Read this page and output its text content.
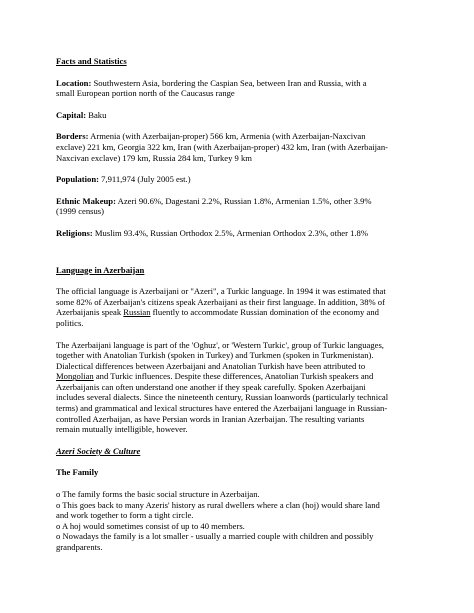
Facts and Statistics
Location: Southwestern Asia, bordering the Caspian Sea, between Iran and Russia, with a
small European portion north of the Caucasus range
Capital: Baku
Borders: Armenia (with Azerbaijan-proper) 566 km, Armenia (with Azerbaijan-Naxcivan
exclave) 221 km, Georgia 322 km, Iran (with Azerbaijan-proper) 432 km, Iran (with Azerbaijan-
Naxcivan exclave) 179 km, Russia 284 km, Turkey 9 km
Population: 7,911,974 (July 2005 est.)
Ethnic Makeup: Azeri 90.6%, Dagestani 2.2%, Russian 1.8%, Armenian 1.5%, other 3.9%
(1999 census)
Religions: Muslim 93.4%, Russian Orthodox 2.5%, Armenian Orthodox 2.3%, other 1.8%
Language in Azerbaijan
The official language is Azerbaijani or "Azeri", a Turkic language. In 1994 it was estimated that
some 82% of Azerbaijan's citizens speak Azerbaijani as their first language. In addition, 38% of
Azerbaijanis speak Russian fluently to accommodate Russian domination of the economy and
politics.
The Azerbaijani language is part of the 'Oghuz', or 'Western Turkic', group of Turkic languages,
together with Anatolian Turkish (spoken in Turkey) and Turkmen (spoken in Turkmenistan).
Dialectical differences between Azerbaijani and Anatolian Turkish have been attributed to
Mongolian and Turkic influences. Despite these differences, Anatolian Turkish speakers and
Azerbaijanis can often understand one another if they speak carefully. Spoken Azerbaijani
includes several dialects. Since the nineteenth century, Russian loanwords (particularly technical
terms) and grammatical and lexical structures have entered the Azerbaijani language in Russian-
controlled Azerbaijan, as have Persian words in Iranian Azerbaijan. The resulting variants
remain mutually intelligible, however.
Azeri Society & Culture
The Family
o The family forms the basic social structure in Azerbaijan.
o This goes back to many Azeris' history as rural dwellers where a clan (hoj) would share land
and work together to form a tight circle.
o A hoj would sometimes consist of up to 40 members.
o Nowadays the family is a lot smaller - usually a married couple with children and possibly
grandparents.
